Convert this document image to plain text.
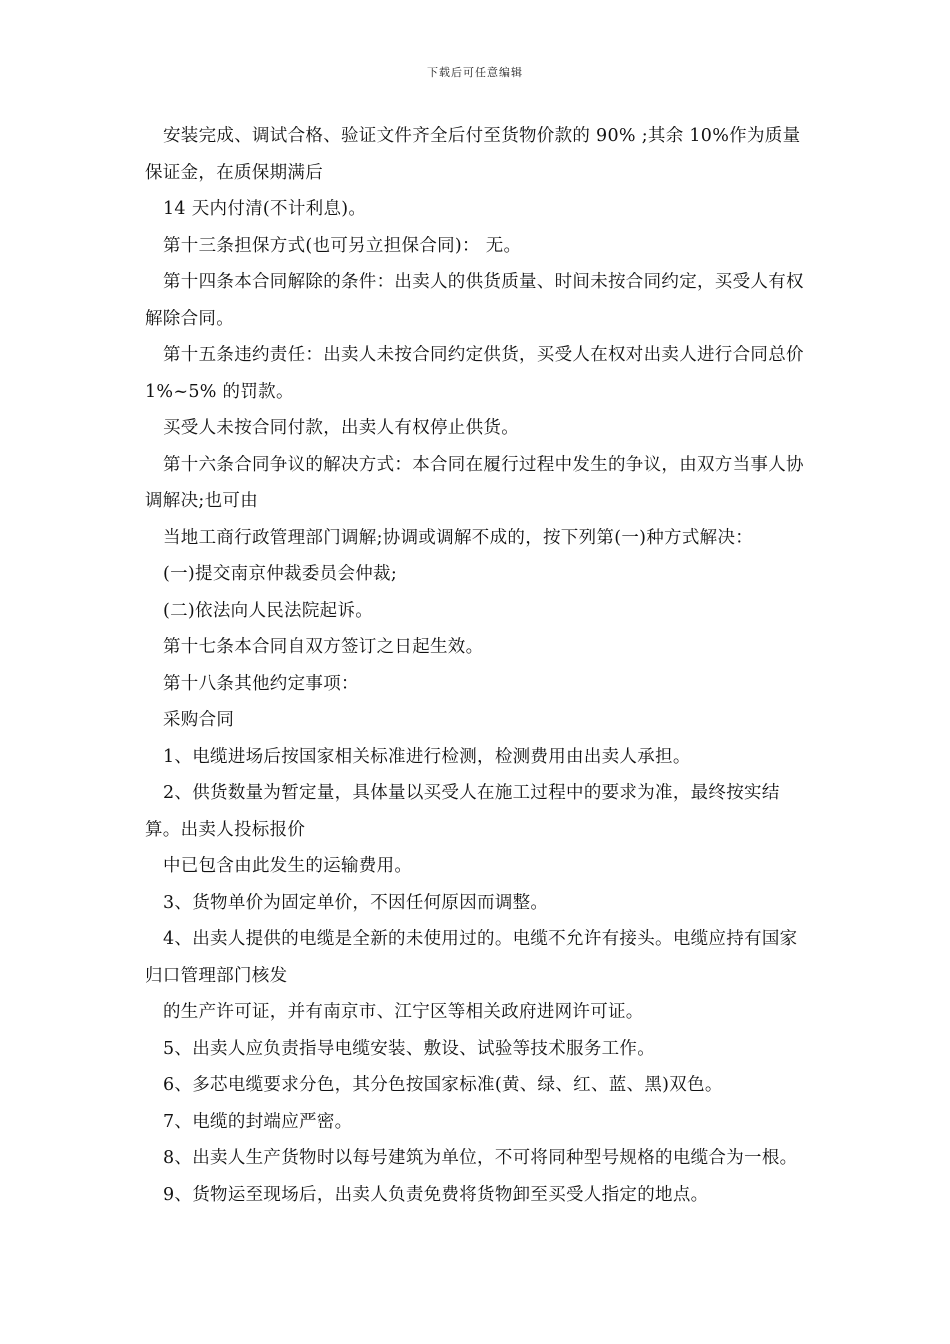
下载后可任意编辑

安装完成、调试合格、验证文件齐全后付至货物价款的 90% ;其余 10%作为质量保证金，在质保期满后

14 天内付清(不计利息)。

第十三条担保方式(也可另立担保合同)： 无。

第十四条本合同解除的条件：出卖人的供货质量、时间未按合同约定，买受人有权解除合同。

第十五条违约责任：出卖人未按合同约定供货，买受人在权对出卖人进行合同总价 1%~5% 的罚款。

买受人未按合同付款，出卖人有权停止供货。

第十六条合同争议的解决方式：本合同在履行过程中发生的争议，由双方当事人协调解决;也可由

当地工商行政管理部门调解;协调或调解不成的，按下列第(一)种方式解决：

(一)提交南京仲裁委员会仲裁;

(二)依法向人民法院起诉。

第十七条本合同自双方签订之日起生效。

第十八条其他约定事项：

采购合同

1、电缆进场后按国家相关标准进行检测，检测费用由出卖人承担。

2、供货数量为暂定量，具体量以买受人在施工过程中的要求为准，最终按实结算。出卖人投标报价

中已包含由此发生的运输费用。

3、货物单价为固定单价，不因任何原因而调整。

4、出卖人提供的电缆是全新的未使用过的。电缆不允许有接头。电缆应持有国家归口管理部门核发

的生产许可证，并有南京市、江宁区等相关政府进网许可证。

5、出卖人应负责指导电缆安装、敷设、试验等技术服务工作。

6、多芯电缆要求分色，其分色按国家标准(黄、绿、红、蓝、黑)双色。

7、电缆的封端应严密。

8、出卖人生产货物时以每号建筑为单位，不可将同种型号规格的电缆合为一根。

9、货物运至现场后，出卖人负责免费将货物卸至买受人指定的地点。
